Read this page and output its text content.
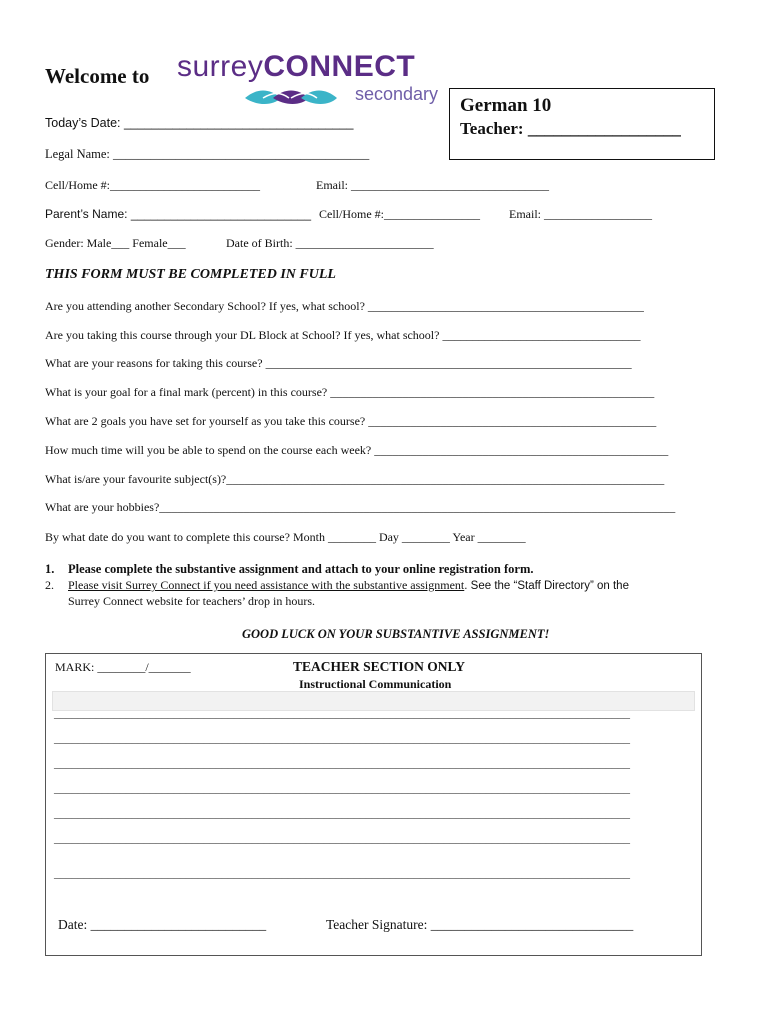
Welcome to surreyCONNECT
secondary
German 10
Teacher: __________________
Today’s Date: _________________________________
Legal Name: _________________________________________
Cell/Home #:_________________________	Email: _________________________________
Parent’s Name: ___________________________ Cell/Home #:________________ Email: __________________
Gender: Male___ Female___	Date of Birth: _______________________
THIS FORM MUST BE COMPLETED IN FULL
Are you attending another Secondary School? If yes, what school? ______________________________________________
Are you taking this course through your DL Block at School? If yes, what school? _________________________________
What are your reasons for taking this course? _____________________________________________________________
What is your goal for a final mark (percent) in this course? ______________________________________________________
What are 2 goals you have set for yourself as you take this course? ________________________________________________
How much time will you be able to spend on the course each week? _________________________________________________
What is/are your favourite subject(s)?_________________________________________________________________________
What are your hobbies?______________________________________________________________________________________
By what date do you want to complete this course? Month ________ Day ________ Year ________
1. Please complete the substantive assignment and attach to your online registration form.
2. Please visit Surrey Connect if you need assistance with the substantive assignment. See the “Staff Directory” on the
Surrey Connect website for teachers’ drop in hours.
GOOD LUCK ON YOUR SUBSTANTIVE ASSIGNMENT!
MARK: ________/_______	TEACHER SECTION ONLY
Instructional Communication
________________________________________________________________________________________________
________________________________________________________________________________________________
________________________________________________________________________________________________
________________________________________________________________________________________________
________________________________________________________________________________________________
________________________________________________________________________________________________
________________________________________________________________________________________________
Date: __________________________	Teacher Signature: ______________________________
